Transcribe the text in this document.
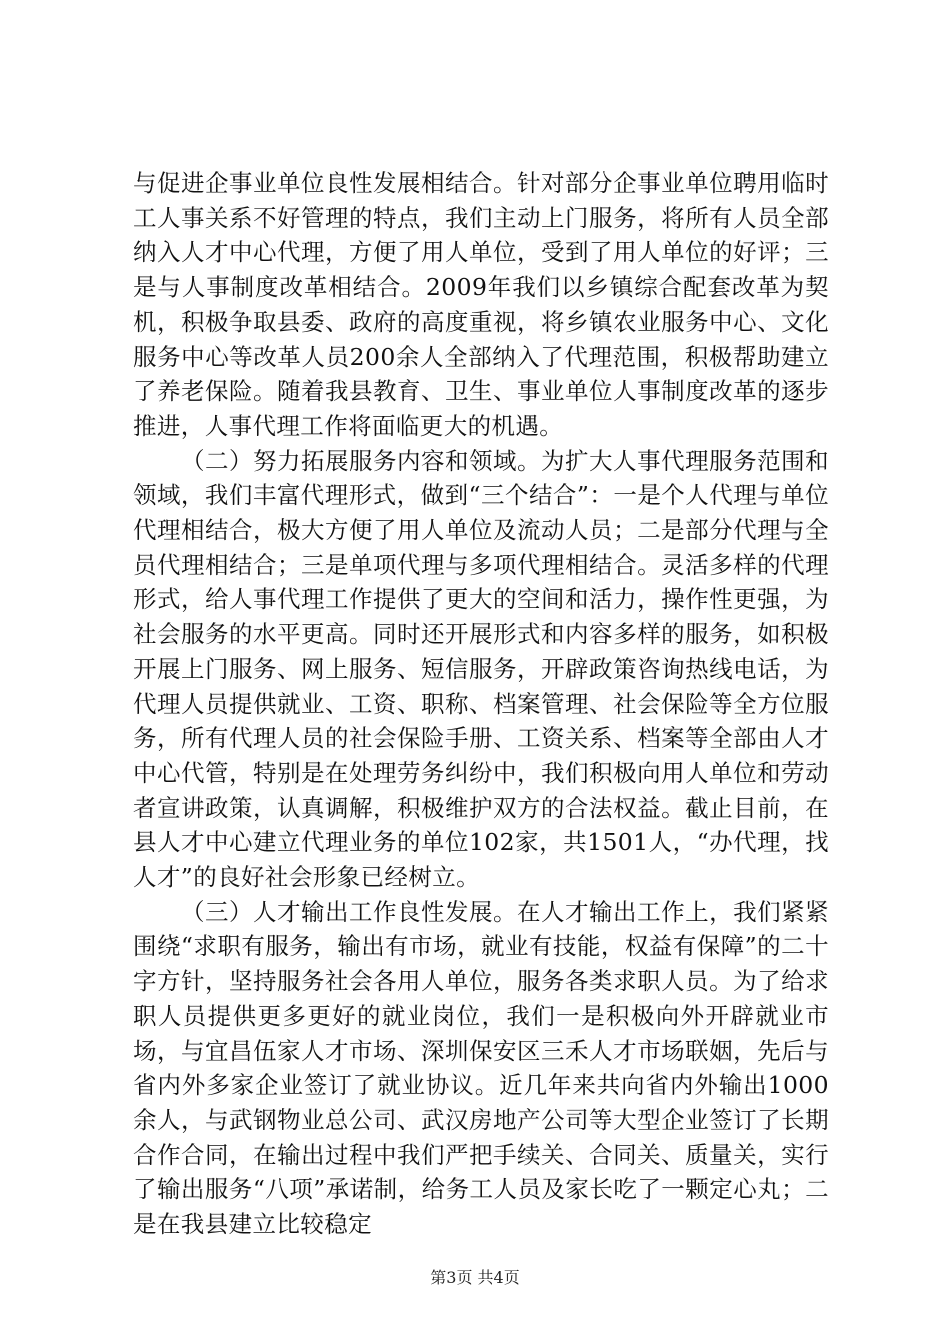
与促进企事业单位良性发展相结合。针对部分企事业单位聘用临时工人事关系不好管理的特点，我们主动上门服务，将所有人员全部纳入人才中心代理，方便了用人单位，受到了用人单位的好评；三是与人事制度改革相结合。2009年我们以乡镇综合配套改革为契机，积极争取县委、政府的高度重视，将乡镇农业服务中心、文化服务中心等改革人员200余人全部纳入了代理范围，积极帮助建立了养老保险。随着我县教育、卫生、事业单位人事制度改革的逐步推进，人事代理工作将面临更大的机遇。

（二）努力拓展服务内容和领域。为扩大人事代理服务范围和领域，我们丰富代理形式，做到“三个结合”：一是个人代理与单位代理相结合，极大方便了用人单位及流动人员；二是部分代理与全员代理相结合；三是单项代理与多项代理相结合。灵活多样的代理形式，给人事代理工作提供了更大的空间和活力，操作性更强，为社会服务的水平更高。同时还开展形式和内容多样的服务，如积极开展上门服务、网上服务、短信服务，开辟政策咨询热线电话，为代理人员提供就业、工资、职称、档案管理、社会保险等全方位服务，所有代理人员的社会保险手册、工资关系、档案等全部由人才中心代管，特别是在处理劳务纠纷中，我们积极向用人单位和劳动者宣讲政策，认真调解，积极维护双方的合法权益。截止目前，在县人才中心建立代理业务的单位102家，共1501人，“办代理，找人才”的良好社会形象已经树立。

（三）人才输出工作良性发展。在人才输出工作上，我们紧紧围绕“求职有服务，输出有市场，就业有技能，权益有保障”的二十字方针，坚持服务社会各用人单位，服务各类求职人员。为了给求职人员提供更多更好的就业岗位，我们一是积极向外开辟就业市场，与宜昌伍家人才市场、深圳保安区三禾人才市场联姻，先后与省内外多家企业签订了就业协议。近几年来共向省内外输出1000余人，与武钢物业总公司、武汉房地产公司等大型企业签订了长期合作合同，在输出过程中我们严把手续关、合同关、质量关，实行了输出服务“八项”承诺制，给务工人员及家长吃了一颗定心丸；二是在我县建立比较稳定

第3页 共4页
